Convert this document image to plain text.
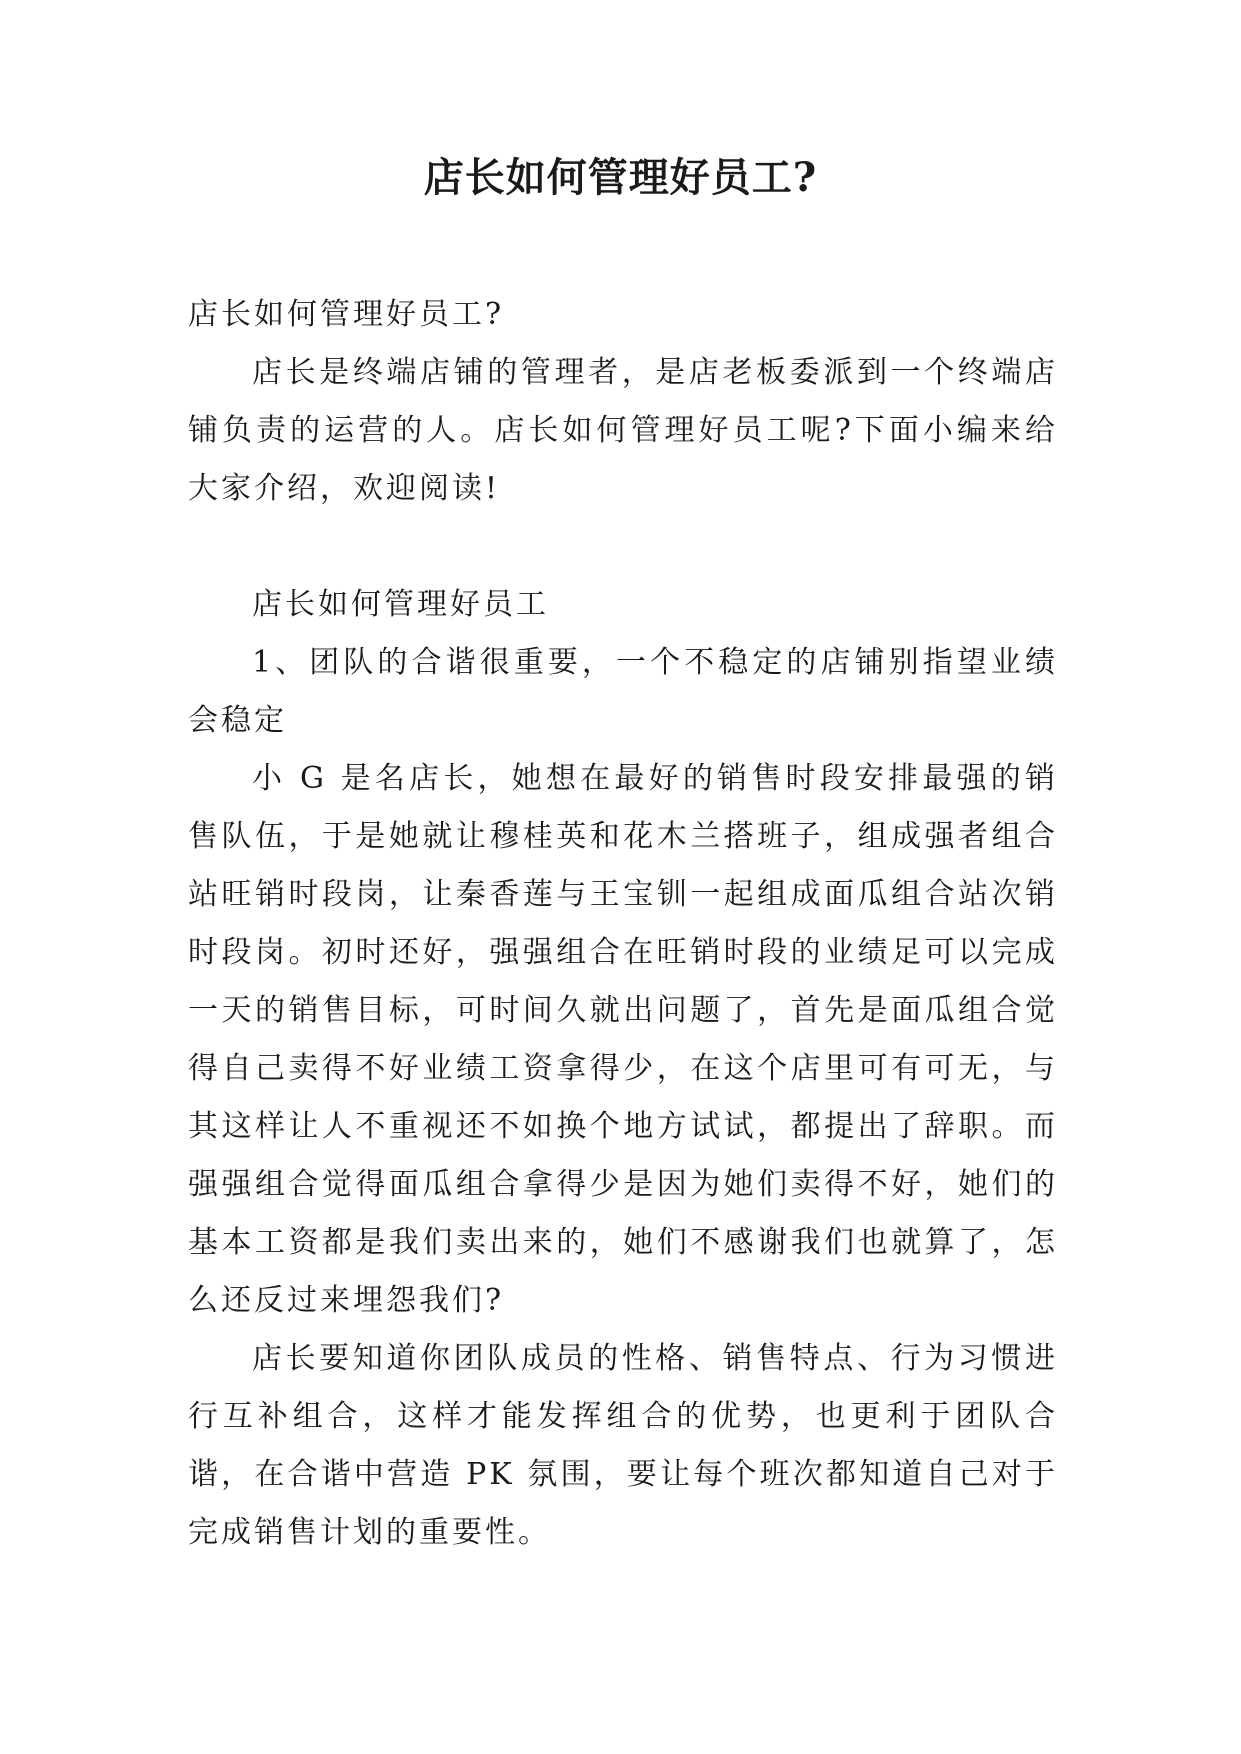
店长如何管理好员工?

店长如何管理好员工?

店长是终端店铺的管理者，是店老板委派到一个终端店铺负责的运营的人。店长如何管理好员工呢?下面小编来给大家介绍，欢迎阅读!

店长如何管理好员工

1、团队的合谐很重要，一个不稳定的店铺别指望业绩会稳定

小 G 是名店长，她想在最好的销售时段安排最强的销售队伍，于是她就让穆桂英和花木兰搭班子，组成强者组合站旺销时段岗，让秦香莲与王宝钏一起组成面瓜组合站次销时段岗。初时还好，强强组合在旺销时段的业绩足可以完成一天的销售目标，可时间久就出问题了，首先是面瓜组合觉得自己卖得不好业绩工资拿得少，在这个店里可有可无，与其这样让人不重视还不如换个地方试试，都提出了辞职。而强强组合觉得面瓜组合拿得少是因为她们卖得不好，她们的基本工资都是我们卖出来的，她们不感谢我们也就算了，怎么还反过来埋怨我们?

店长要知道你团队成员的性格、销售特点、行为习惯进行互补组合，这样才能发挥组合的优势，也更利于团队合谐，在合谐中营造 PK 氛围，要让每个班次都知道自己对于完成销售计划的重要性。
